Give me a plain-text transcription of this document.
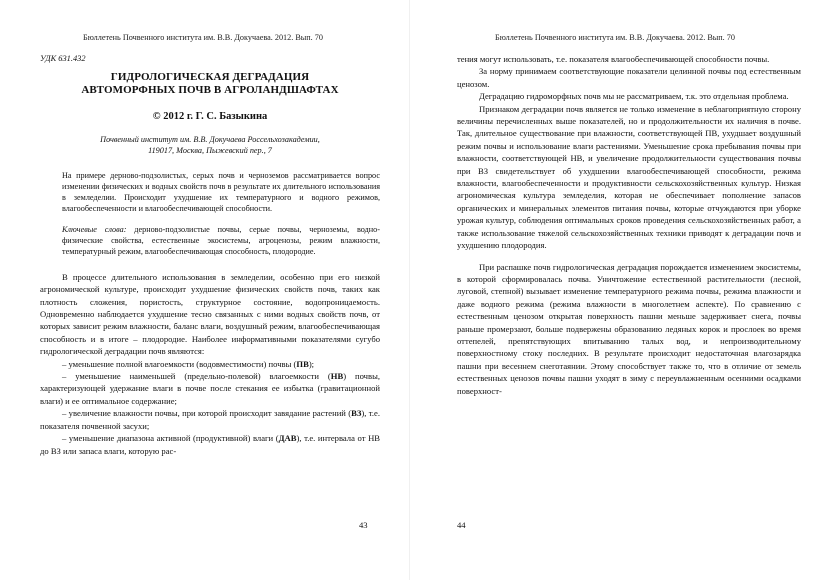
Бюллетень Почвенного института им. В.В. Докучаева. 2012. Вып. 70
УДК 631.432
ГИДРОЛОГИЧЕСКАЯ ДЕГРАДАЦИЯ
АВТОМОРФНЫХ ПОЧВ В АГРОЛАНДШАФТАХ
© 2012 г. Г. С. Базыкина
Почвенный институт им. В.В. Докучаева Россельхозакадемии,
119017, Москва, Пыжевский пер., 7
На примере дерново-подзолистых, серых почв и черноземов рассматривается вопрос изменении физических и водных свойств почв в результате их длительного использования в земледелии. Происходит ухудшение их температурного и водного режимов, влагообеспеченности и влагообеспечивающей способности.
Ключевые слова: дерново-подзолистые почвы, серые почвы, черноземы, водно-физические свойства, естественные экосистемы, агроценозы, режим влажности, температурный режим, влагообеспечивающая способность, плодородие.

В процессе длительного использования в земледелии, особенно при его низкой агрономической культуре, происходит ухудшение физических свойств почв, таких как плотность сложения, пористость, структурное состояние, водопроницаемость. Одновременно наблюдается ухудшение тесно связанных с ними водных свойств почв, от которых зависит режим влажности, баланс влаги, воздушный режим, влагообеспечивающая способность и в итоге – плодородие. Наиболее информативными показателями сугубо гидрологической деградации почв являются:

– уменьшение полной влагоемкости (водовместимости) почвы (ПВ);

– уменьшение наименьшей (предельно-полевой) влагоемкости (НВ) почвы, характеризующей удержание влаги в почве после стекания ее избытка (гравитационной влаги) и ее оптимальное содержание;

– увеличение влажности почвы, при которой происходит завядание растений (ВЗ), т.е. показателя почвенной засухи;

– уменьшение диапазона активной (продуктивной) влаги (ДАВ), т.е. интервала от НВ до ВЗ или запаса влаги, которую рас-

43
Бюллетень Почвенного института им. В.В. Докучаева. 2012. Вып. 70

тения могут использовать, т.е. показателя влагообеспечивающей способности почвы.

За норму принимаем соответствующие показатели целинной почвы под естественным ценозом.

Деградацию гидроморфных почв мы не рассматриваем, т.к. это отдельная проблема.

Признаком деградации почв является не только изменение в неблагоприятную сторону величины перечисленных выше показателей, но и продолжительности их наличия в почве. Так, длительное существование при влажности, соответствующей ПВ, ухудшает воздушный режим почвы и использование влаги растениями. Уменьшение срока пребывания почвы при влажности, соответствующей НВ, и увеличение продолжительности существования почвы при ВЗ свидетельствует об ухудшении влагообеспечивающей способности, режима влажности, влагообеспеченности и продуктивности сельскохозяйственных культур. Низкая агрономическая культура земледелия, которая не обеспечивает пополнение запасов органических и минеральных элементов питания почвы, которые отчуждаются при уборке урожая культур, соблюдения оптимальных сроков проведения сельскохозяйственных работ, а также использование тяжелой сельскохозяйственных техники приводят к деградации почв и ухудшению плодородия.

При распашке почв гидрологическая деградация порождается изменением экосистемы, в которой сформировалась почва. Уничтожение естественной растительности (лесной, луговой, степной) вызывает изменение температурного режима почвы, режима влажности и даже водного режима (режима влажности в многолетнем аспекте). По сравнению с естественным ценозом открытая поверхность пашни меньше задерживает снега, почвы раньше промерзают, больше подвержены образованию ледяных корок и прослоек во время оттепелей, препятствующих впитыванию талых вод, и непроизводительному поверхностному стоку последних. В результате происходит недостаточная влагозарядка пашни при весеннем снеготаянии. Этому способствует также то, что в отличие от земель естественных ценозов почвы пашни уходят в зиму с переувлажненным осенними осадками поверхност-

44
